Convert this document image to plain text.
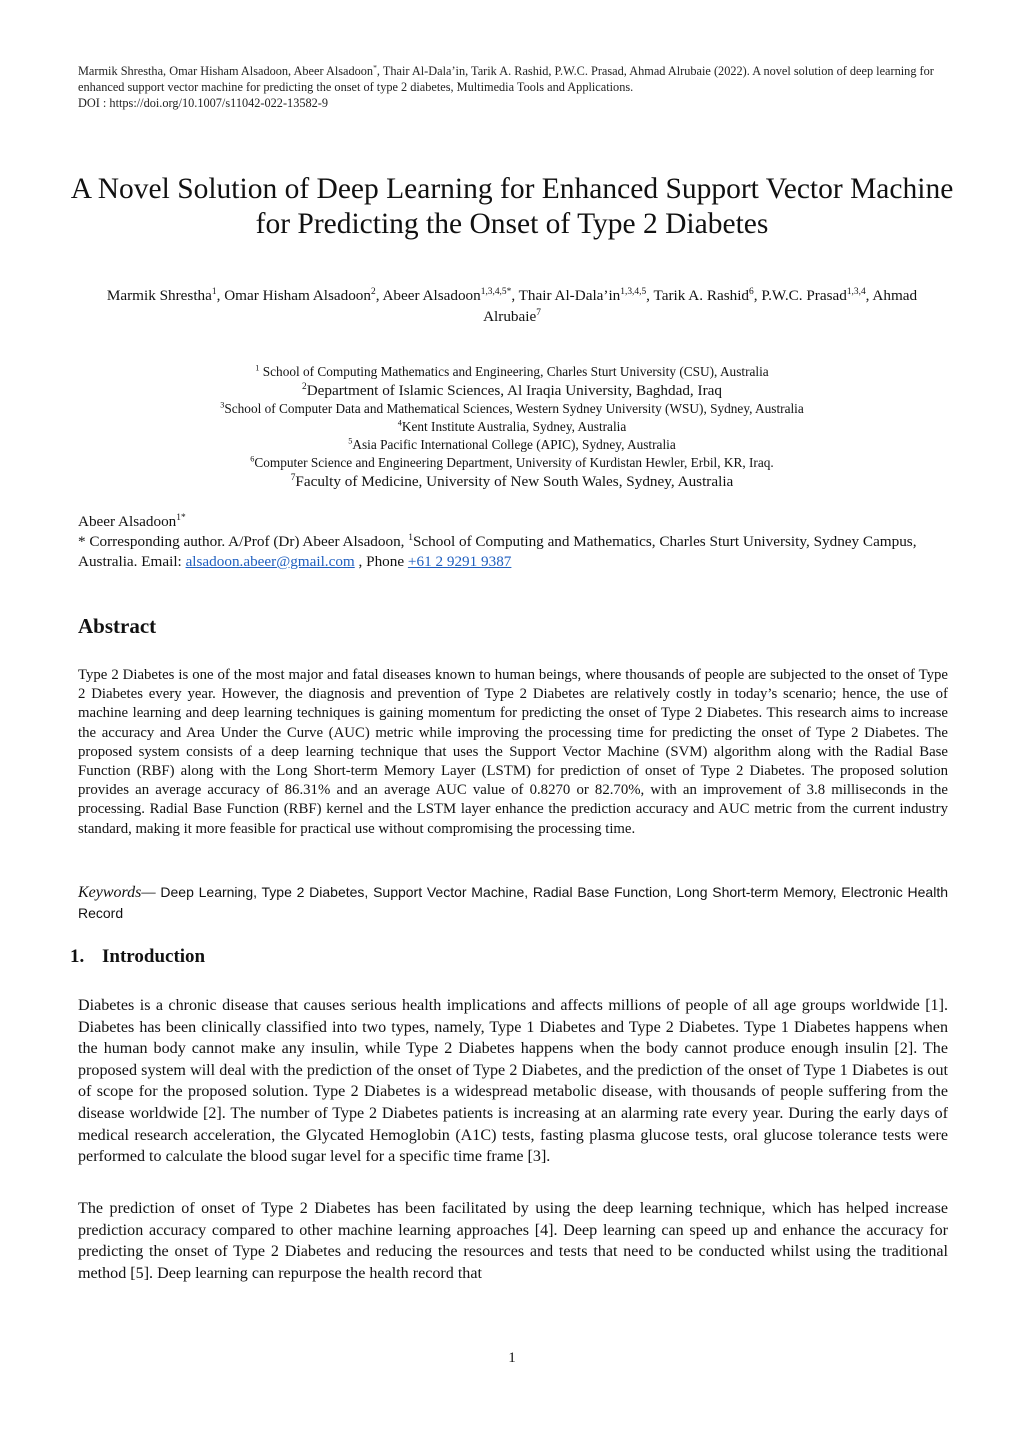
Marmik Shrestha, Omar Hisham Alsadoon, Abeer Alsadoon*, Thair Al-Dala’in, Tarik A. Rashid, P.W.C. Prasad, Ahmad Alrubaie (2022). A novel solution of deep learning for enhanced support vector machine for predicting the onset of type 2 diabetes, Multimedia Tools and Applications.

DOI : https://doi.org/10.1007/s11042-022-13582-9

A Novel Solution of Deep Learning for Enhanced Support Vector Machine for Predicting the Onset of Type 2 Diabetes
Marmik Shrestha$^1$, Omar Hisham Alsadoon$^2$, Abeer Alsadoon$^{1,3,4,5*}$, Thair Al-Dala’in$^{1,3,4,5}$, Tarik A. Rashid$^6$, P.W.C. Prasad$^{1,3,4}$, Ahmad Alrubaie$^7$

$^1$ School of Computing Mathematics and Engineering, Charles Sturt University (CSU), Australia

$^2$Department of Islamic Sciences, Al Iraqia University, Baghdad, Iraq

$^3$School of Computer Data and Mathematical Sciences, Western Sydney University (WSU), Sydney, Australia

$^4$Kent Institute Australia, Sydney, Australia

$^5$Asia Pacific International College (APIC), Sydney, Australia

$^6$Computer Science and Engineering Department, University of Kurdistan Hewler, Erbil, KR, Iraq.

$^7$Faculty of Medicine, University of New South Wales, Sydney, Australia

Abeer Alsadoon$^{1*}$

* Corresponding author. A/Prof (Dr) Abeer Alsadoon, $^1$School of Computing and Mathematics, Charles Sturt University, Sydney Campus, Australia. Email: alsadoon.abeer@gmail.com , Phone +61 2 9291 9387

Abstract

Type 2 Diabetes is one of the most major and fatal diseases known to human beings, where thousands of people are subjected to the onset of Type 2 Diabetes every year. However, the diagnosis and prevention of Type 2 Diabetes are relatively costly in today’s scenario; hence, the use of machine learning and deep learning techniques is gaining momentum for predicting the onset of Type 2 Diabetes. This research aims to increase the accuracy and Area Under the Curve (AUC) metric while improving the processing time for predicting the onset of Type 2 Diabetes. The proposed system consists of a deep learning technique that uses the Support Vector Machine (SVM) algorithm along with the Radial Base Function (RBF) along with the Long Short-term Memory Layer (LSTM) for prediction of onset of Type 2 Diabetes. The proposed solution provides an average accuracy of 86.31% and an average AUC value of 0.8270 or 82.70%, with an improvement of 3.8 milliseconds in the processing. Radial Base Function (RBF) kernel and the LSTM layer enhance the prediction accuracy and AUC metric from the current industry standard, making it more feasible for practical use without compromising the processing time.

Keywords— Deep Learning, Type 2 Diabetes, Support Vector Machine, Radial Base Function, Long Short-term Memory, Electronic Health Record

1. Introduction

Diabetes is a chronic disease that causes serious health implications and affects millions of people of all age groups worldwide [1]. Diabetes has been clinically classified into two types, namely, Type 1 Diabetes and Type 2 Diabetes. Type 1 Diabetes happens when the human body cannot make any insulin, while Type 2 Diabetes happens when the body cannot produce enough insulin [2]. The proposed system will deal with the prediction of the onset of Type 2 Diabetes, and the prediction of the onset of Type 1 Diabetes is out of scope for the proposed solution. Type 2 Diabetes is a widespread metabolic disease, with thousands of people suffering from the disease worldwide [2]. The number of Type 2 Diabetes patients is increasing at an alarming rate every year. During the early days of medical research acceleration, the Glycated Hemoglobin (A1C) tests, fasting plasma glucose tests, oral glucose tolerance tests were performed to calculate the blood sugar level for a specific time frame [3].

The prediction of onset of Type 2 Diabetes has been facilitated by using the deep learning technique, which has helped increase prediction accuracy compared to other machine learning approaches [4]. Deep learning can speed up and enhance the accuracy for predicting the onset of Type 2 Diabetes and reducing the resources and tests that need to be conducted whilst using the traditional method [5]. Deep learning can repurpose the health record that

1
